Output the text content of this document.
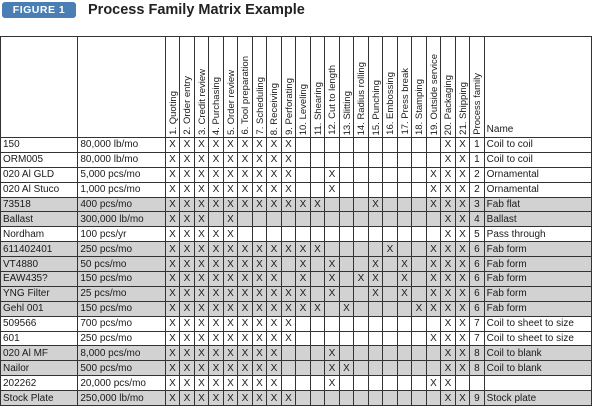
FIGURE 1	Process Family Matrix Example

		1. Quoting	2. Order entry	3. Credit review	4. Purchasing	5. Order review	6. Tool preparation	7. Scheduling	8. Receiving	9. Perforating	10. Leveling	11. Shearing	12. Cut to length	13. Slitting	14. Radius rolling	15. Punching	16. Embossing	17. Press break	18. Stamping	19. Outside service	20. Packaging	21. Shipping	Process family	Name
150	80,000 lb/mo	X	X	X	X	X	X	X	X	X											X	X	1	Coil to coil
ORM005	80,000 lb/mo	X	X	X	X	X	X	X	X	X											X	X	1	Coil to coil
020 Al GLD	5,000 pcs/mo	X	X	X	X	X	X	X	X	X			X							X	X	X	2	Ornamental
020 Al Stuco	1,000 pcs/mo	X	X	X	X	X	X	X	X	X			X							X	X	X	2	Ornamental
73518	400 pcs/mo	X	X	X	X	X	X	X	X	X	X	X				X				X	X	X	3	Fab flat
Ballast	300,000 lb/mo	X	X	X		X															X	X	4	Ballast
Nordham	100 pcs/yr	X	X	X	X	X															X	X	5	Pass through
611402401	250 pcs/mo	X	X	X	X	X	X	X	X	X	X	X					X			X	X	X	6	Fab form
VT4880	50 pcs/mo	X	X	X	X	X	X	X	X		X		X			X		X		X	X	X	6	Fab form
EAW435?	150 pcs/mo	X	X	X	X	X	X	X	X		X		X		X	X		X		X	X	X	6	Fab form
YNG Filter	25 pcs/mo	X	X	X	X	X	X	X	X	X	X		X			X		X		X	X	X	6	Fab form
Gehl 001	150 pcs/mo	X	X	X	X	X	X	X	X	X	X	X		X					X	X	X	X	6	Fab form
509566	700 pcs/mo	X	X	X	X	X	X	X	X	X											X	X	7	Coil to sheet to size
601	250 pcs/mo	X	X	X	X	X	X	X	X	X										X	X	X	7	Coil to sheet to size
020 Al MF	8,000 pcs/mo	X	X	X	X	X	X	X	X				X								X	X	8	Coil to blank
Nailor	500 pcs/mo	X	X	X	X	X	X	X	X				X	X							X	X	8	Coil to blank
202262	20,000 pcs/mo	X	X	X	X	X	X	X	X				X							X	X			
Stock Plate	250,000 lb/mo	X	X	X	X	X	X	X	X	X											X	X	9	Stock plate
